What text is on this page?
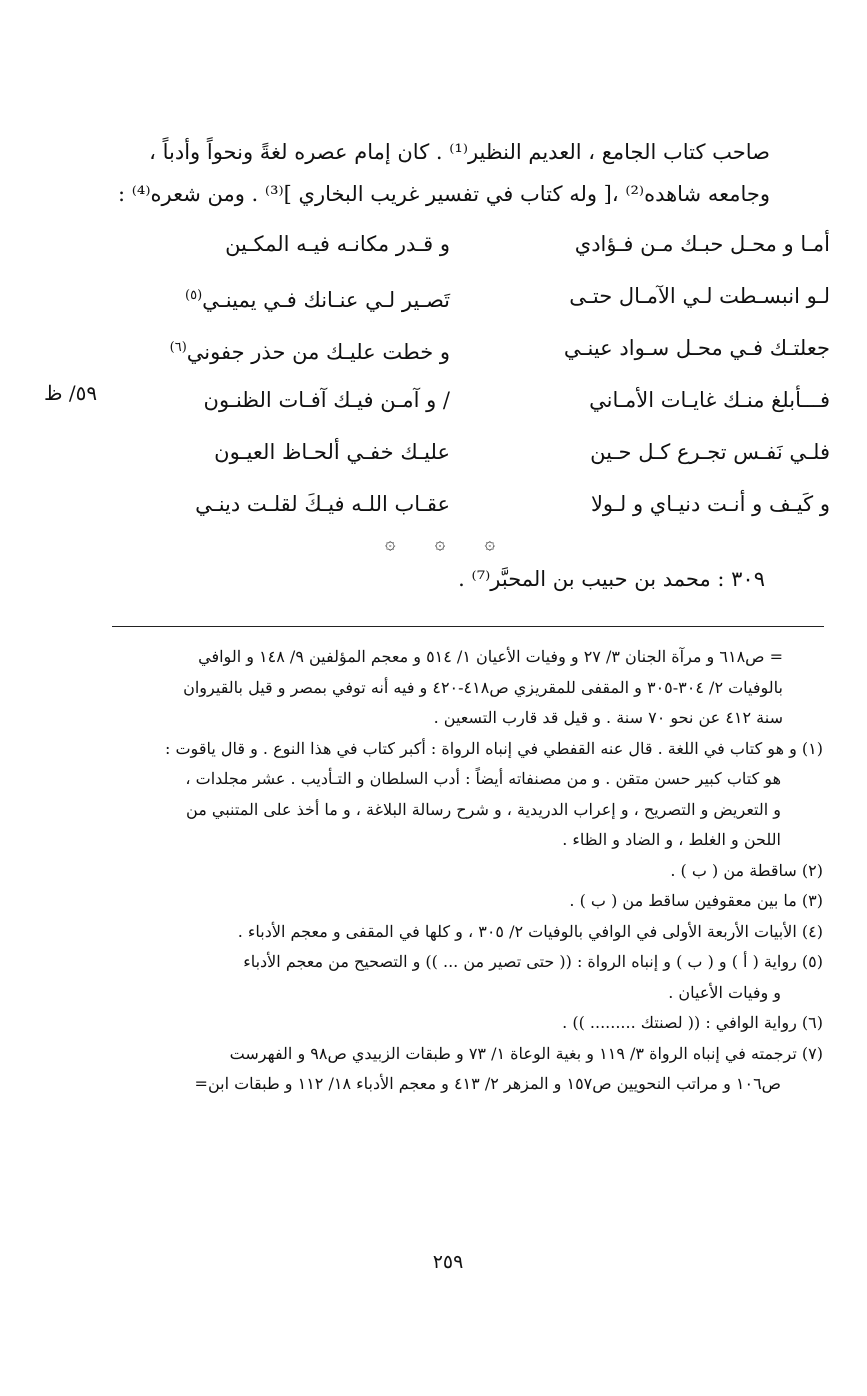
صاحب كتاب الجامع ، العديم النظير⁽¹⁾ . كان إمام عصره لغةً ونحواً وأدباً ،
وجامعه شاهده⁽²⁾ ،[ وله كتاب في تفسير غريب البخاري ]⁽³⁾ . ومن شعره⁽⁴⁾ :
٥٩/ ظ
أمـا و محـل حبـك مـن فـؤادي
و قـدر مكانـه فيـه المكـين
لـو انبسـطت لـي الآمـال حتـى
تَصـير لـي عنـانك فـي يمينـي$^{(٥)}$
جعلتـك فـي محـل سـواد عينـي
و خطت عليـك من حذر جفوني$^{(٦)}$
فـــأبلغ منـك غايـات الأمـاني
/ و آمـن فيـك آفـات الظنـون
فلـي نَفـس تجـرع كـل حـين
عليـك خفـي ألحـاظ العيـون
و كَيـف و أنـت دنيـاي و لـولا
عقـاب اللـه فيـكَ لقلـت دينـي
۞ ۞ ۞
٣٠٩ : محمد بن حبيب بن المحبَّر⁽⁷⁾ .
= ص٦١٨ و مرآة الجنان ٣/ ٢٧ و وفيات الأعيان ١/ ٥١٤ و معجم المؤلفين ٩/ ١٤٨ و الوافي
بالوفيات ٢/ ٣٠٤-٣٠٥ و المقفى للمقريزي ص٤١٨-٤٢٠ و فيه أنه توفي بمصر و قيل بالقيروان
سنة ٤١٢ عن نحو ٧٠ سنة . و قيل قد قارب التسعين .
(١) و هو كتاب في اللغة . قال عنه القفطي في إنباه الرواة : أكبر كتاب في هذا النوع . و قال ياقوت :
هو كتاب كبير حسن متقن . و من مصنفاته أيضاً : أدب السلطان و التـأديب . عشر مجلدات ،
و التعريض و التصريح ، و إعراب الدريدية ، و شرح رسالة البلاغة ، و ما أخذ على المتنبي من
اللحن و الغلط ، و الضاد و الظاء .
(٢) ساقطة من ( ب ) .
(٣) ما بين معقوفين ساقط من ( ب ) .
(٤) الأبيات الأربعة الأولى في الوافي بالوفيات ٢/ ٣٠٥ ، و كلها في المقفى و معجم الأدباء .
(٥) رواية ( أ ) و ( ب ) و إنباه الرواة : (( حتى تصير من ... )) و التصحيح من معجم الأدباء
و وفيات الأعيان .
(٦) رواية الوافي : (( لصنتك ......... )) .
(٧) ترجمته في إنباه الرواة ٣/ ١١٩ و بغية الوعاة ١/ ٧٣ و طبقات الزبيدي ص٩٨ و الفهرست
ص١٠٦ و مراتب النحويين ص١٥٧ و المزهر ٢/ ٤١٣ و معجم الأدباء ١٨/ ١١٢ و طبقات ابن=
٢٥٩
